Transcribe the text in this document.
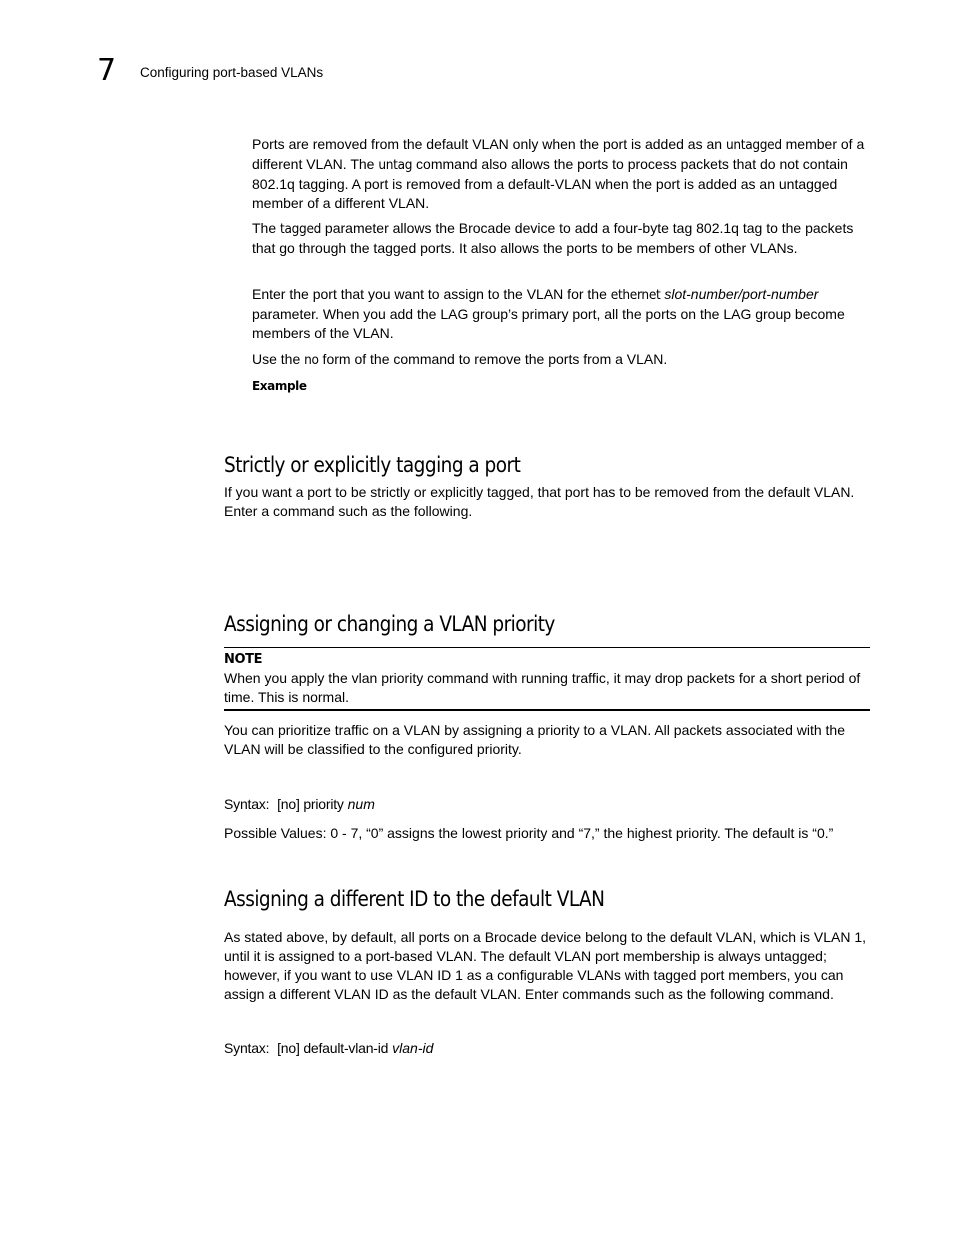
7 Configuring port-based VLANs

Ports are removed from the default VLAN only when the port is added as an untagged member of a different VLAN. The untag command also allows the ports to process packets that do not contain 802.1q tagging. A port is removed from a default-VLAN when the port is added as an untagged member of a different VLAN.

The tagged parameter allows the Brocade device to add a four-byte tag 802.1q tag to the packets that go through the tagged ports. It also allows the ports to be members of other VLANs.

Enter the port that you want to assign to the VLAN for the ethernet slot-number/port-number parameter. When you add the LAG group’s primary port, all the ports on the LAG group become members of the VLAN.

Use the no form of the command to remove the ports from a VLAN.

Example
Strictly or explicitly tagging a port
If you want a port to be strictly or explicitly tagged, that port has to be removed from the default VLAN. Enter a command such as the following.
Assigning or changing a VLAN priority
NOTE
When you apply the vlan priority command with running traffic, it may drop packets for a short period of time. This is normal.
You can prioritize traffic on a VLAN by assigning a priority to a VLAN. All packets associated with the VLAN will be classified to the configured priority.
Syntax: [no] priority num
Possible Values: 0 - 7, “0” assigns the lowest priority and “7,” the highest priority. The default is “0.”
Assigning a different ID to the default VLAN
As stated above, by default, all ports on a Brocade device belong to the default VLAN, which is VLAN 1, until it is assigned to a port-based VLAN. The default VLAN port membership is always untagged; however, if you want to use VLAN ID 1 as a configurable VLANs with tagged port members, you can assign a different VLAN ID as the default VLAN. Enter commands such as the following command.
Syntax: [no] default-vlan-id vlan-id
